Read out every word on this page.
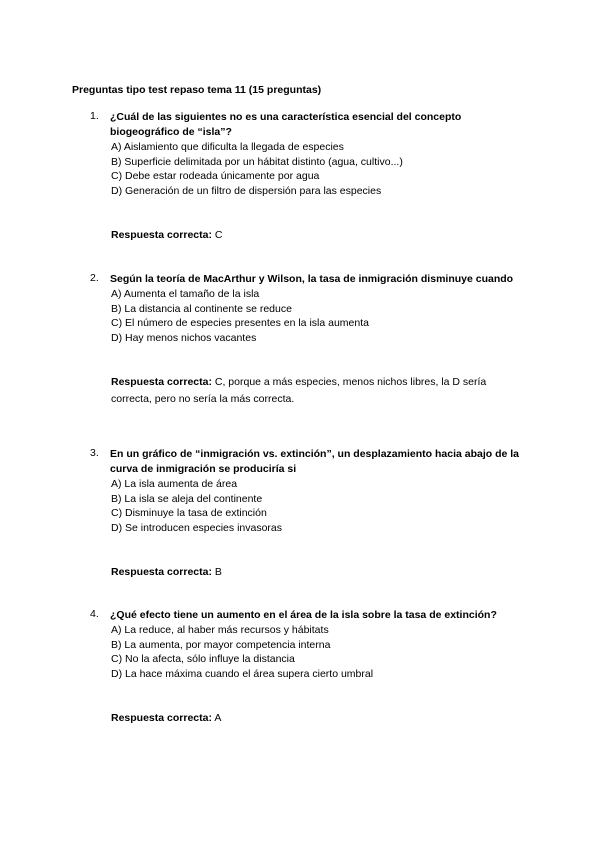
Preguntas tipo test repaso tema 11 (15 preguntas)
1.	¿Cuál de las siguientes no es una característica esencial del concepto biogeográfico de “isla”?
A) Aislamiento que dificulta la llegada de especies
B) Superficie delimitada por un hábitat distinto (agua, cultivo...)
C) Debe estar rodeada únicamente por agua
D) Generación de un filtro de dispersión para las especies
Respuesta correcta: C
2.	Según la teoría de MacArthur y Wilson, la tasa de inmigración disminuye cuando
A) Aumenta el tamaño de la isla
B) La distancia al continente se reduce
C) El número de especies presentes en la isla aumenta
D) Hay menos nichos vacantes
Respuesta correcta: C, porque a más especies, menos nichos libres, la D sería correcta, pero no sería la más correcta.
3.	En un gráfico de “inmigración vs. extinción”, un desplazamiento hacia abajo de la curva de inmigración se produciría si
A) La isla aumenta de área
B) La isla se aleja del continente
C) Disminuye la tasa de extinción
D) Se introducen especies invasoras
Respuesta correcta: B
4.	¿Qué efecto tiene un aumento en el área de la isla sobre la tasa de extinción?
A) La reduce, al haber más recursos y hábitats
B) La aumenta, por mayor competencia interna
C) No la afecta, sólo influye la distancia
D) La hace máxima cuando el área supera cierto umbral
Respuesta correcta: A
